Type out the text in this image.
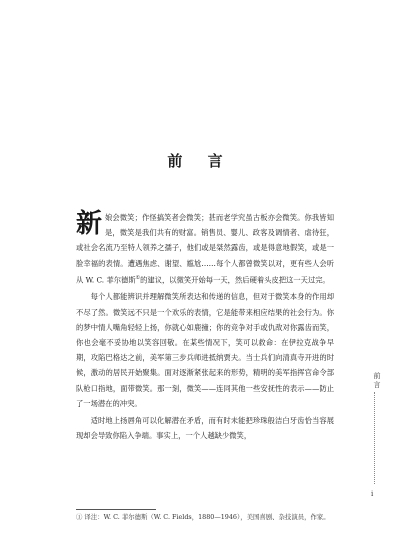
前 言

新娘会微笑；作怪搞笑者会微笑；甚而老学究虽古板亦会微笑。你我皆知是，微笑是我们共有的财富。销售员、婴儿、政客及调情者、虐待狂，或社会名流乃至特人领养之孺子，他们或是桀然露齿，或是得意地假笑，或是一脸幸福的表情。遭遇焦虑、谢望、尴尬……每个人都曾微笑以对，更有些人会听从 W. C. 菲尔德斯①的建议，以微笑开始每一天，然后硬着头皮把这一天过完。

每个人都能辨识并理解微笑所表达和传递的信息，但对于微笑本身的作用却不尽了然。微笑远不只是一个欢乐的表情，它是能带来相应结果的社会行为。你的梦中情人嘴角轻轻上扬，你就心如鹿撞；你的竞争对手或仇敌对你露齿而笑，你也会毫不妥协地以笑容回敬。在某些情况下，笑可以救命：在伊拉克战争早期，攻陷巴格达之前，美军第三步兵师进抵纳贾夫。当士兵们向清真寺开进的时候，激动的居民开始聚集。面对逐渐紧张起来的形势，精明的美军指挥官命令部队枪口指地，面带微笑。那一刻，微笑——连同其他一些安抚性的表示——防止了一场潜在的冲突。

适时地上扬唇角可以化解潜在矛盾，而有时未能把珍珠般洁白牙齿恰当容展现却会导致你陷入争端。事实上，一个人越缺少微笑，

① 译注：W. C. 菲尔德斯（W. C. Fields，1880—1946），美国喜剧、杂技演员，作家。
前言
i
